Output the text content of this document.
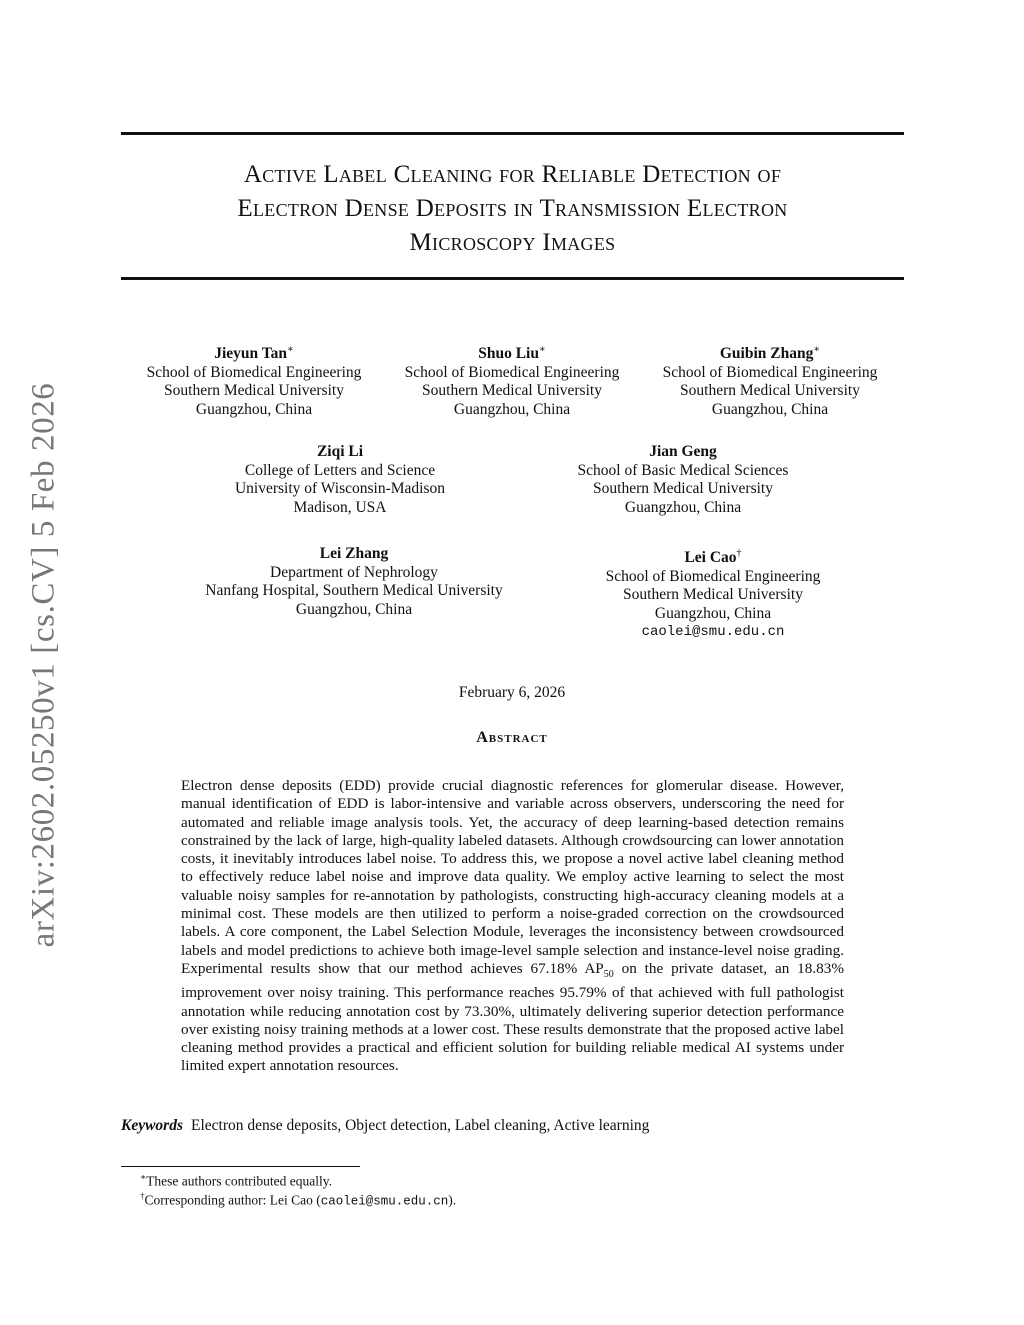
arXiv:2602.05250v1 [cs.CV] 5 Feb 2026
Active Label Cleaning for Reliable Detection of
Electron Dense Deposits in Transmission Electron
Microscopy Images
Jieyun Tan∗
School of Biomedical Engineering
Southern Medical University
Guangzhou, China
Shuo Liu∗
School of Biomedical Engineering
Southern Medical University
Guangzhou, China
Guibin Zhang∗
School of Biomedical Engineering
Southern Medical University
Guangzhou, China
Ziqi Li
College of Letters and Science
University of Wisconsin-Madison
Madison, USA
Jian Geng
School of Basic Medical Sciences
Southern Medical University
Guangzhou, China
Lei Zhang
Department of Nephrology
Nanfang Hospital, Southern Medical University
Guangzhou, China
Lei Cao†
School of Biomedical Engineering
Southern Medical University
Guangzhou, China
caolei@smu.edu.cn
February 6, 2026
Abstract
Electron dense deposits (EDD) provide crucial diagnostic references for glomerular disease. However, manual identification of EDD is labor-intensive and variable across observers, underscoring the need for automated and reliable image analysis tools. Yet, the accuracy of deep learning-based detection remains constrained by the lack of large, high-quality labeled datasets. Although crowdsourcing can lower annotation costs, it inevitably introduces label noise. To address this, we propose a novel active label cleaning method to effectively reduce label noise and improve data quality. We employ active learning to select the most valuable noisy samples for re-annotation by pathologists, constructing high-accuracy cleaning models at a minimal cost. These models are then utilized to perform a noise-graded correction on the crowdsourced labels. A core component, the Label Selection Module, leverages the inconsistency between crowdsourced labels and model predictions to achieve both image-level sample selection and instance-level noise grading. Experimental results show that our method achieves 67.18% $AP_{50}$ on the private dataset, an 18.83% improvement over noisy training. This performance reaches 95.79% of that achieved with full pathologist annotation while reducing annotation cost by 73.30%, ultimately delivering superior detection performance over existing noisy training methods at a lower cost. These results demonstrate that the proposed active label cleaning method provides a practical and efficient solution for building reliable medical AI systems under limited expert annotation resources.
Keywords Electron dense deposits, Object detection, Label cleaning, Active learning
∗These authors contributed equally.
†Corresponding author: Lei Cao (caolei@smu.edu.cn).
